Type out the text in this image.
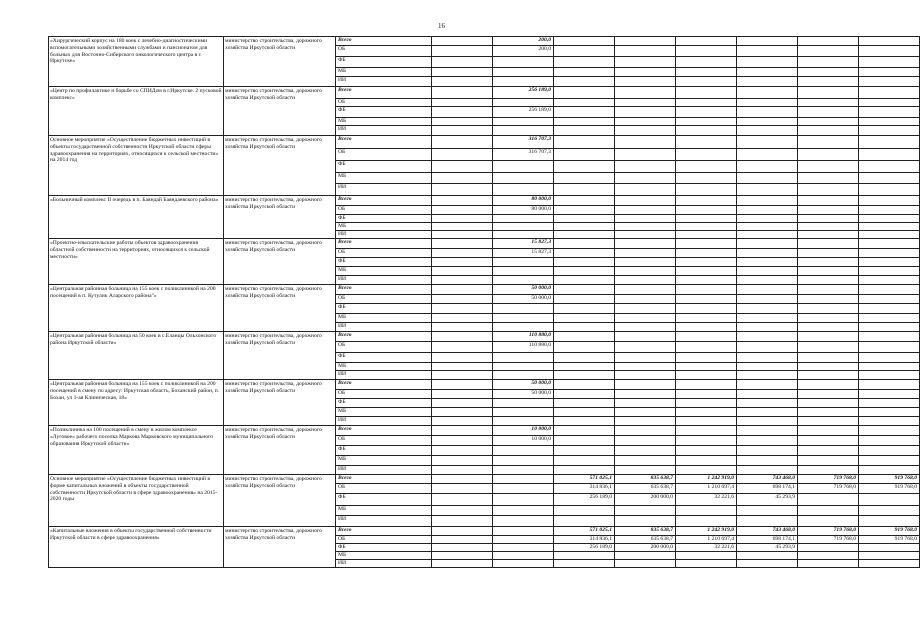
16
«Хирургический корпус на 180 коек с лечебно-диагностическими вспомогательными хозяйственными службами и пансионатом для больных для Восточно-Сибирского онкологического центра в г. Иркутске»	министерство строительства, дорожного хозяйства Иркутской области	Всего		200,0						
		ОБ		200,0						
		ФБ								
		МБ								
		ИИ								
«Центр по профилактике и борьбе со СПИДом в г.Иркутске. 2 пусковой комплекс»	министерство строительства, дорожного хозяйства Иркутской области	Всего		256 189,0						
		ОБ								
		ФБ		256 189,0						
		МБ								
		ИИ								
Основное мероприятие «Осуществление бюджетных инвестиций в объекты государственной собственности Иркутской области сферы здравоохранения на территориях, относящихся к сельской местности» на 2014 год	министерство строительства, дорожного хозяйства Иркутской области	Всего		316 707,3						
		ОБ		316 707,3						
		ФБ								
		МБ								
		ИИ								
«Больничный комплекс II очередь в п. Баяндай Баяндаевского района»	министерство строительства, дорожного хозяйства Иркутской области	Всего		80 000,0						
		ОБ		80 000,0						
		ФБ								
		МБ								
		ИИ								
«Проектно-изыскательские работы объектов здравоохранения областной собственности на территориях, относящихся к сельской местности»	министерство строительства, дорожного хозяйства Иркутской области	Всего		15 827,3						
		ОБ		15 827,3						
		ФБ								
		МБ								
		ИИ								
«Центральная районная больница на 155 коек с поликлиникой на 200 посещений в п. Кутулик Аларского района"»	министерство строительства, дорожного хозяйства Иркутской области	Всего		50 000,0						
		ОБ		50 000,0						
		ФБ								
		МБ								
		ИИ								
«Центральная районная больница на 50 коек в с.Еланцы Ольхонского района Иркутской области»	министерство строительства, дорожного хозяйства Иркутской области	Всего		110 880,0						
		ОБ		110 880,0						
		ФБ								
		МБ								
		ИИ								
«Центральная районная больница на 155 коек с поликлиникой на 200 посещений в смену по адресу: Иркутская область, Боханский район, п. Бохан, ул 1-ая Клиническая, 18»	министерство строительства, дорожного хозяйства Иркутской области	Всего		50 000,0						
		ОБ		50 000,0						
		ФБ								
		МБ								
		ИИ								
«Поликлиника на 100 посещений в смену в жилом комплексе «Луговое» рабочего поселка Маркова Марковского муниципального образования Иркутской области»	министерство строительства, дорожного хозяйства Иркутской области	Всего		10 000,0						
		ОБ		10 000,0						
		ФБ								
		МБ								
		ИИ								
Основное мероприятие «Осуществление бюджетных инвестиций в форме капитальных вложений в объекты государственной собственности Иркутской области в сфере здравоохранения» на 2015-2020 годы	министерство строительства, дорожного хозяйства Иркутской области	Всего			571 025,1	835 638,7	1 242 919,0	743 468,0	719 768,0	919 768,0
		ОБ			314 836,1	635 638,7	1 210 697,4	698 174,1	719 768,0	919 768,0
		ФБ			256 189,0	200 000,0	32 221,6	45 293,9		
		МБ								
		ИИ								
«Капитальные вложения в объекты государственной собственности Иркутской области в сфере здравоохранения»	министерство строительства, дорожного хозяйства Иркутской области	Всего			571 025,1	835 638,7	1 242 919,0	743 468,0	719 768,0	919 768,0
		ОБ			314 836,1	635 638,7	1 210 697,4	698 174,1	719 768,0	919 768,0
		ФБ			256 189,0	200 000,0	32 221,6	45 293,9		
		МБ								
		ИИ								
